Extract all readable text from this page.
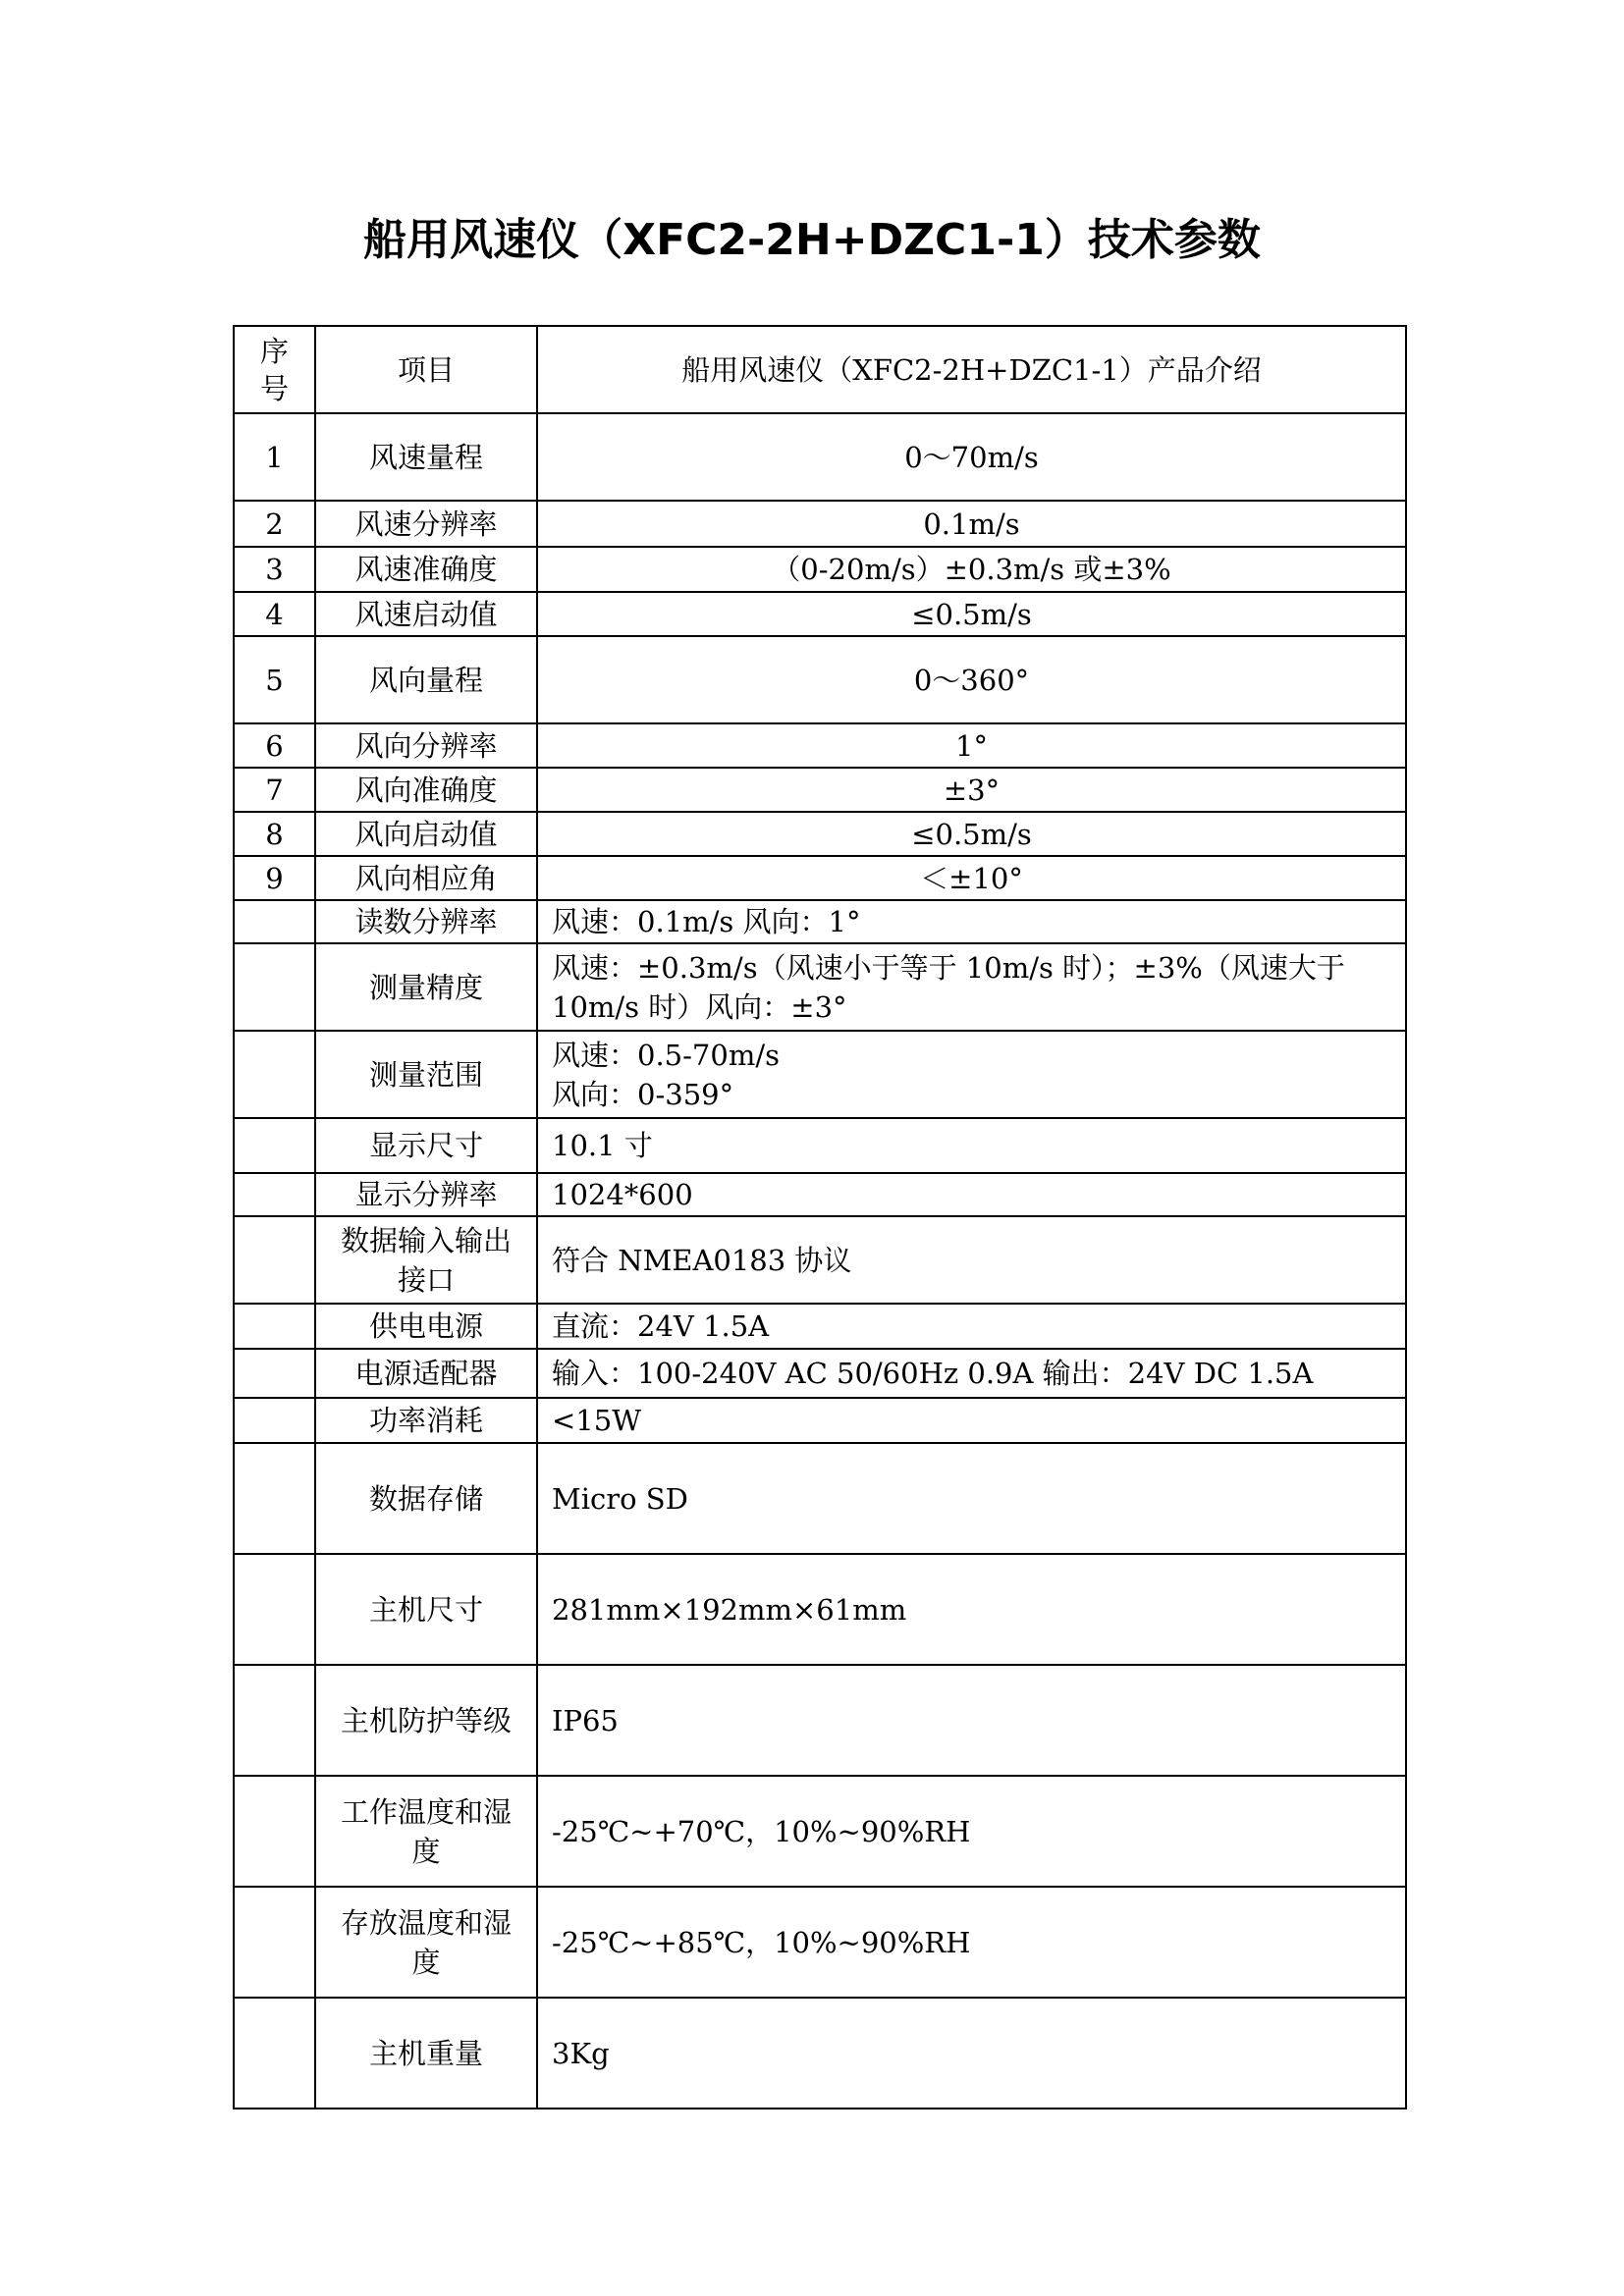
船用风速仪（XFC2-2H+DZC1-1）技术参数
序号	项目	船用风速仪（XFC2-2H+DZC1-1）产品介绍
1	风速量程	0～70m/s
2	风速分辨率	0.1m/s
3	风速准确度	（0-20m/s）±0.3m/s 或±3%
4	风速启动值	≤0.5m/s
5	风向量程	0～360°
6	风向分辨率	1°
7	风向准确度	±3°
8	风向启动值	≤0.5m/s
9	风向相应角	＜±10°
	读数分辨率	风速：0.1m/s 风向：1°
	测量精度	风速：±0.3m/s（风速小于等于 10m/s 时）；±3%（风速大于 10m/s 时）风向：±3°
	测量范围	风速：0.5-70m/s
风向：0-359°

	显示尺寸	10.1 寸
	显示分辨率	1024*600
	数据输入输出接口	符合 NMEA0183 协议
	供电电源	直流：24V 1.5A
	电源适配器	输入：100-240V AC 50/60Hz 0.9A 输出：24V DC 1.5A
	功率消耗	<15W
	数据存储	Micro SD
	主机尺寸	281mm×192mm×61mm
	主机防护等级	IP65
	工作温度和湿度	-25℃~+70℃，10%~90%RH
	存放温度和湿度	-25℃~+85℃，10%~90%RH
	主机重量	3Kg
